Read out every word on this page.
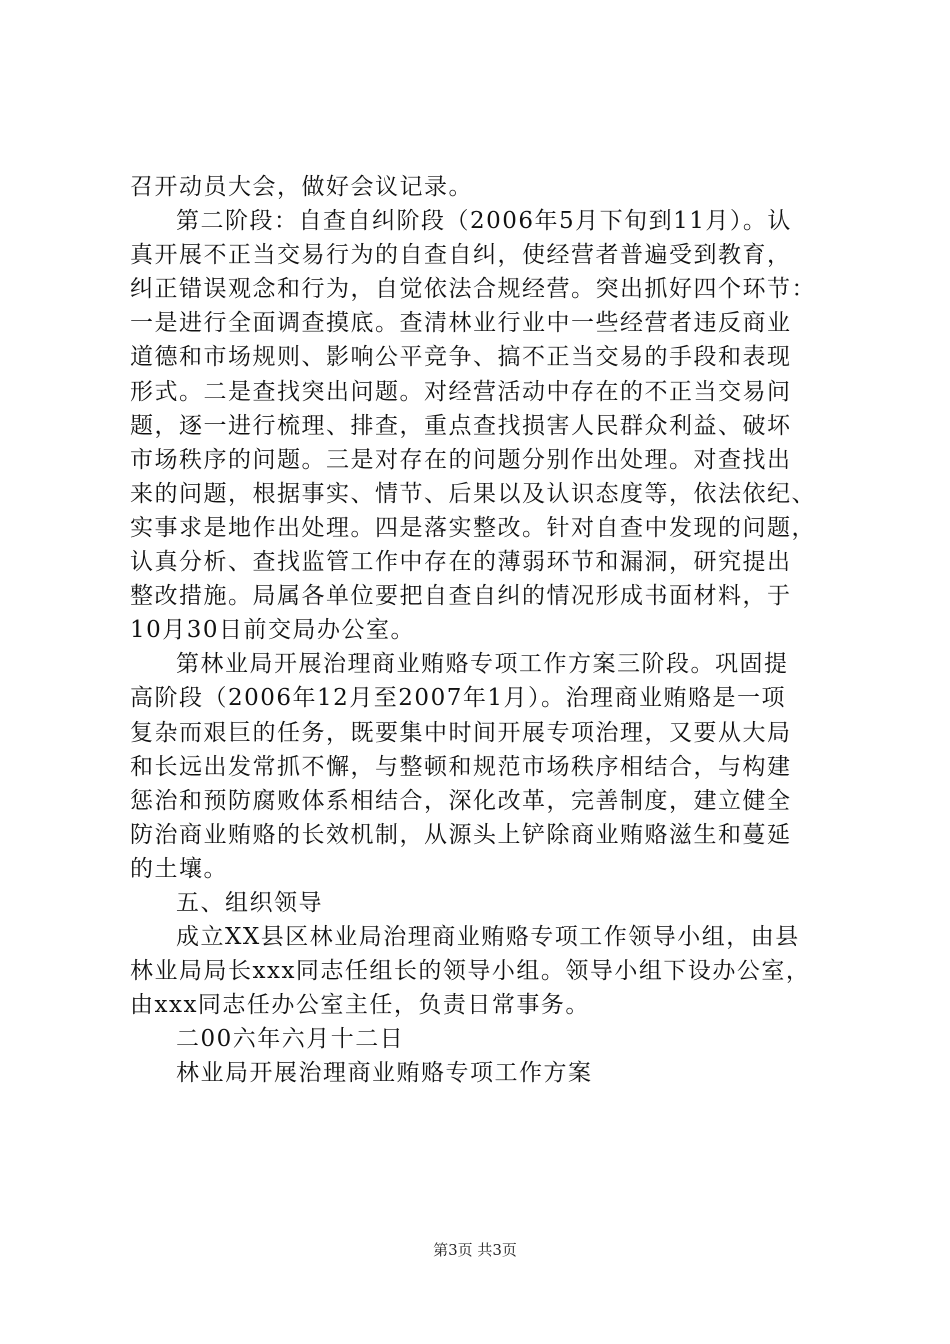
召开动员大会，做好会议记录。
第二阶段：自查自纠阶段（2006年5月下旬到11月）。认
真开展不正当交易行为的自查自纠，使经营者普遍受到教育，
纠正错误观念和行为，自觉依法合规经营。突出抓好四个环节：
一是进行全面调查摸底。查清林业行业中一些经营者违反商业
道德和市场规则、影响公平竞争、搞不正当交易的手段和表现
形式。二是查找突出问题。对经营活动中存在的不正当交易问
题，逐一进行梳理、排查，重点查找损害人民群众利益、破坏
市场秩序的问题。三是对存在的问题分别作出处理。对查找出
来的问题，根据事实、情节、后果以及认识态度等，依法依纪、
实事求是地作出处理。四是落实整改。针对自查中发现的问题，
认真分析、查找监管工作中存在的薄弱环节和漏洞，研究提出
整改措施。局属各单位要把自查自纠的情况形成书面材料，于
10月30日前交局办公室。
第林业局开展治理商业贿赂专项工作方案三阶段。巩固提
高阶段（2006年12月至2007年1月）。治理商业贿赂是一项
复杂而艰巨的任务，既要集中时间开展专项治理，又要从大局
和长远出发常抓不懈，与整顿和规范市场秩序相结合，与构建
惩治和预防腐败体系相结合，深化改革，完善制度，建立健全
防治商业贿赂的长效机制，从源头上铲除商业贿赂滋生和蔓延
的土壤。
五、组织领导
成立XX县区林业局治理商业贿赂专项工作领导小组，由县
林业局局长xxx同志任组长的领导小组。领导小组下设办公室，
由xxx同志任办公室主任，负责日常事务。
二00六年六月十二日
林业局开展治理商业贿赂专项工作方案
第3页 共3页
